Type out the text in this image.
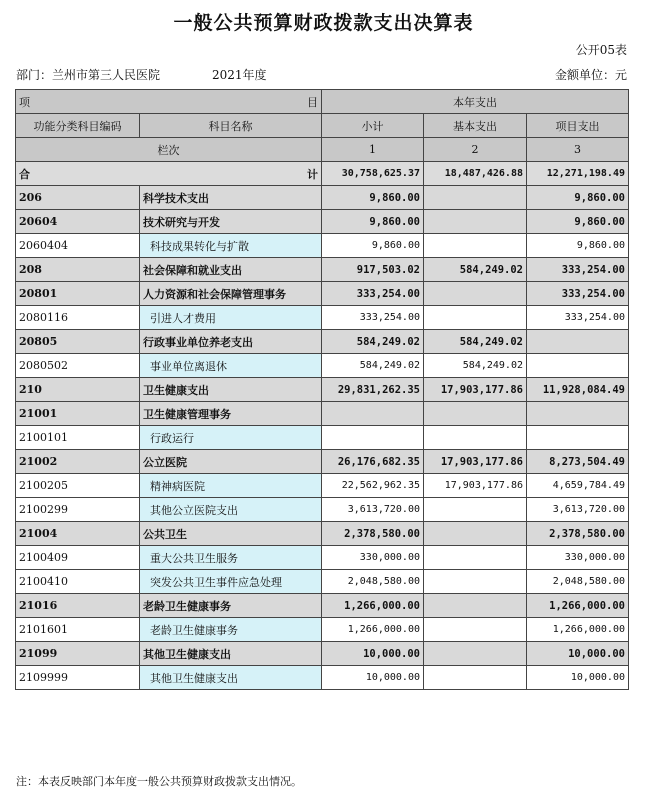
一般公共预算财政拨款支出决算表
公开05表
部门：兰州市第三人民医院	2021年度	金额单位：元
项 目		本年支出		
功能分类科目编码	科目名称	小计	基本支出	项目支出
栏次		1	2	3

合 计		30,758,625.37	18,487,426.88	12,271,198.49
206	科学技术支出	9,860.00		9,860.00
20604	技术研究与开发	9,860.00		9,860.00
2060404	科技成果转化与扩散	9,860.00		9,860.00
208	社会保障和就业支出	917,503.02	584,249.02	333,254.00
20801	人力资源和社会保障管理事务	333,254.00		333,254.00
2080116	引进人才费用	333,254.00		333,254.00
20805	行政事业单位养老支出	584,249.02	584,249.02	
2080502	事业单位离退休	584,249.02	584,249.02	
210	卫生健康支出	29,831,262.35	17,903,177.86	11,928,084.49
21001	卫生健康管理事务			
2100101	行政运行			
21002	公立医院	26,176,682.35	17,903,177.86	8,273,504.49
2100205	精神病医院	22,562,962.35	17,903,177.86	4,659,784.49
2100299	其他公立医院支出	3,613,720.00		3,613,720.00
21004	公共卫生	2,378,580.00		2,378,580.00
2100409	重大公共卫生服务	330,000.00		330,000.00
2100410	突发公共卫生事件应急处理	2,048,580.00		2,048,580.00
21016	老龄卫生健康事务	1,266,000.00		1,266,000.00
2101601	老龄卫生健康事务	1,266,000.00		1,266,000.00
21099	其他卫生健康支出	10,000.00		10,000.00
2109999	其他卫生健康支出	10,000.00		10,000.00
注：本表反映部门本年度一般公共预算财政拨款支出情况。
